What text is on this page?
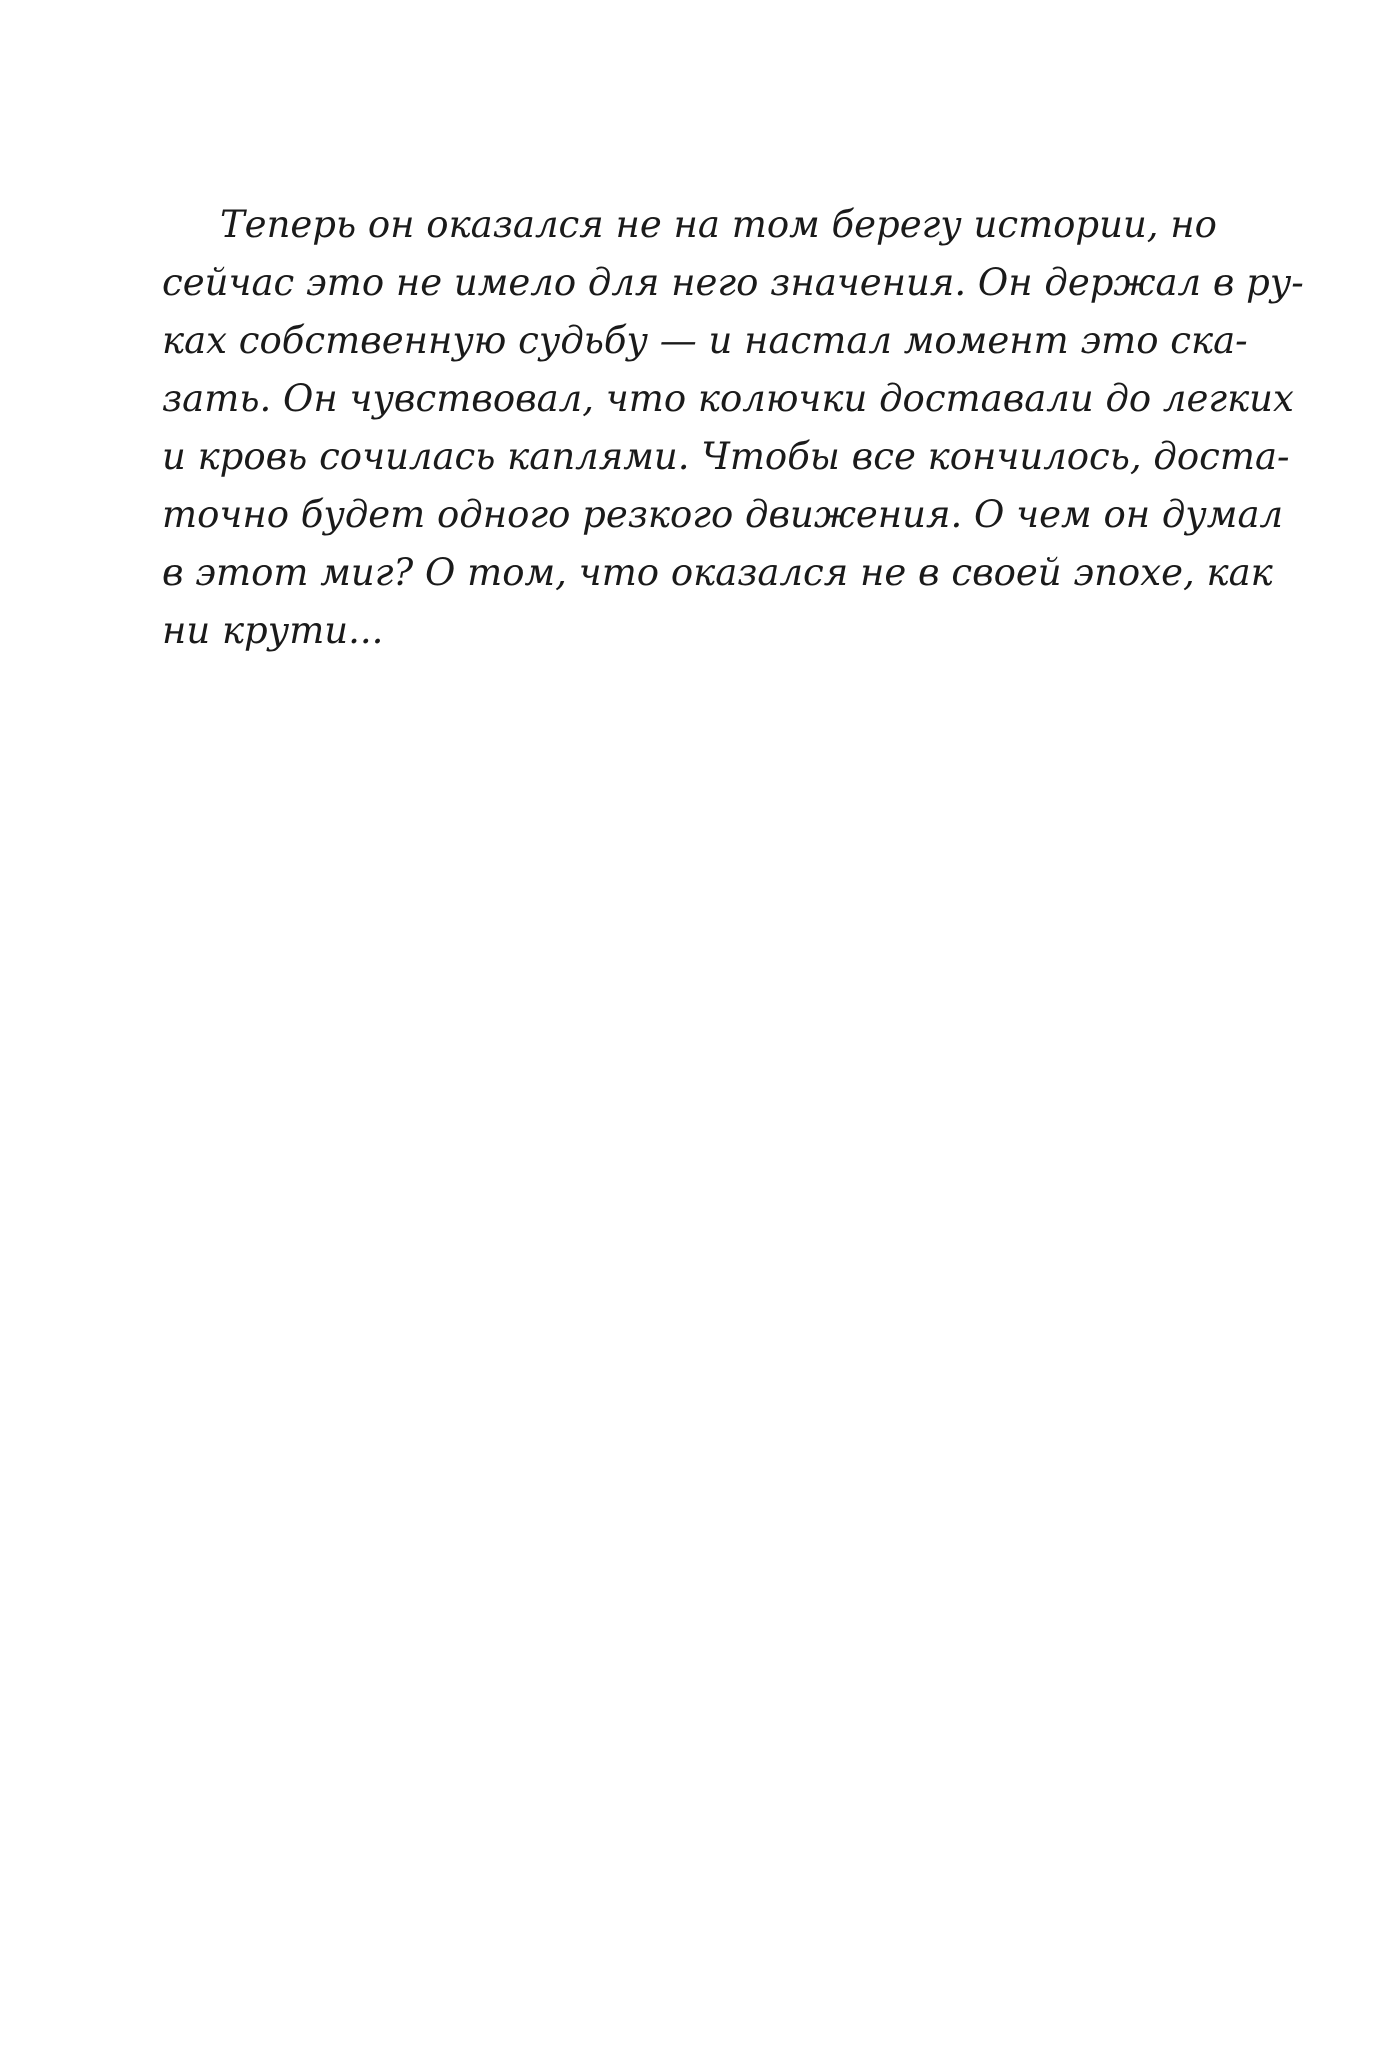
Теперь он оказался не на том берегу истории, но
сейчас это не имело для него значения. Он держал в ру-
ках собственную судьбу — и настал момент это ска-
зать. Он чувствовал, что колючки доставали до легких
и кровь сочилась каплями. Чтобы все кончилось, доста-
точно будет одного резкого движения. О чем он думал
в этот миг? О том, что оказался не в своей эпохе, как
ни крути...
